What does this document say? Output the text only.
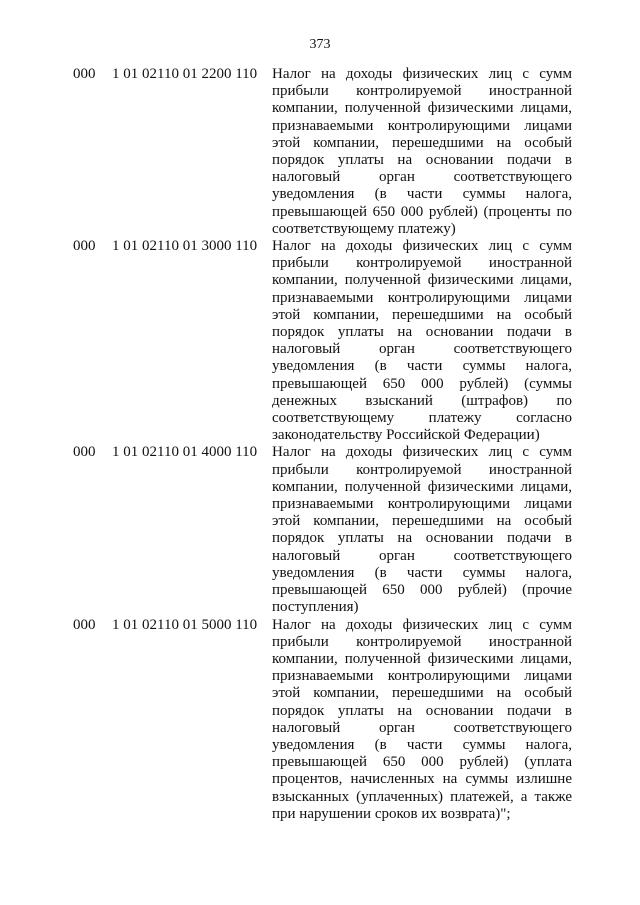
373
000 1 01 02110 01 2200 110 Налог на доходы физических лиц с сумм
прибыли контролируемой иностранной
компании, полученной физическими лицами,
признаваемыми контролирующими лицами
этой компании, перешедшими на особый
порядок уплаты на основании подачи в
налоговый орган соответствующего
уведомления (в части суммы налога,
превышающей 650 000 рублей) (проценты по
соответствующему платежу)
000 1 01 02110 01 3000 110 Налог на доходы физических лиц с сумм
прибыли контролируемой иностранной
компании, полученной физическими лицами,
признаваемыми контролирующими лицами
этой компании, перешедшими на особый
порядок уплаты на основании подачи в
налоговый орган соответствующего
уведомления (в части суммы налога,
превышающей 650 000 рублей) (суммы
денежных взысканий (штрафов) по
соответствующему платежу согласно
законодательству Российской Федерации)
000 1 01 02110 01 4000 110 Налог на доходы физических лиц с сумм
прибыли контролируемой иностранной
компании, полученной физическими лицами,
признаваемыми контролирующими лицами
этой компании, перешедшими на особый
порядок уплаты на основании подачи в
налоговый орган соответствующего
уведомления (в части суммы налога,
превышающей 650 000 рублей) (прочие
поступления)
000 1 01 02110 01 5000 110 Налог на доходы физических лиц с сумм
прибыли контролируемой иностранной
компании, полученной физическими лицами,
признаваемыми контролирующими лицами
этой компании, перешедшими на особый
порядок уплаты на основании подачи в
налоговый орган соответствующего
уведомления (в части суммы налога,
превышающей 650 000 рублей) (уплата
процентов, начисленных на суммы излишне
взысканных (уплаченных) платежей, а также
при нарушении сроков их возврата)";
